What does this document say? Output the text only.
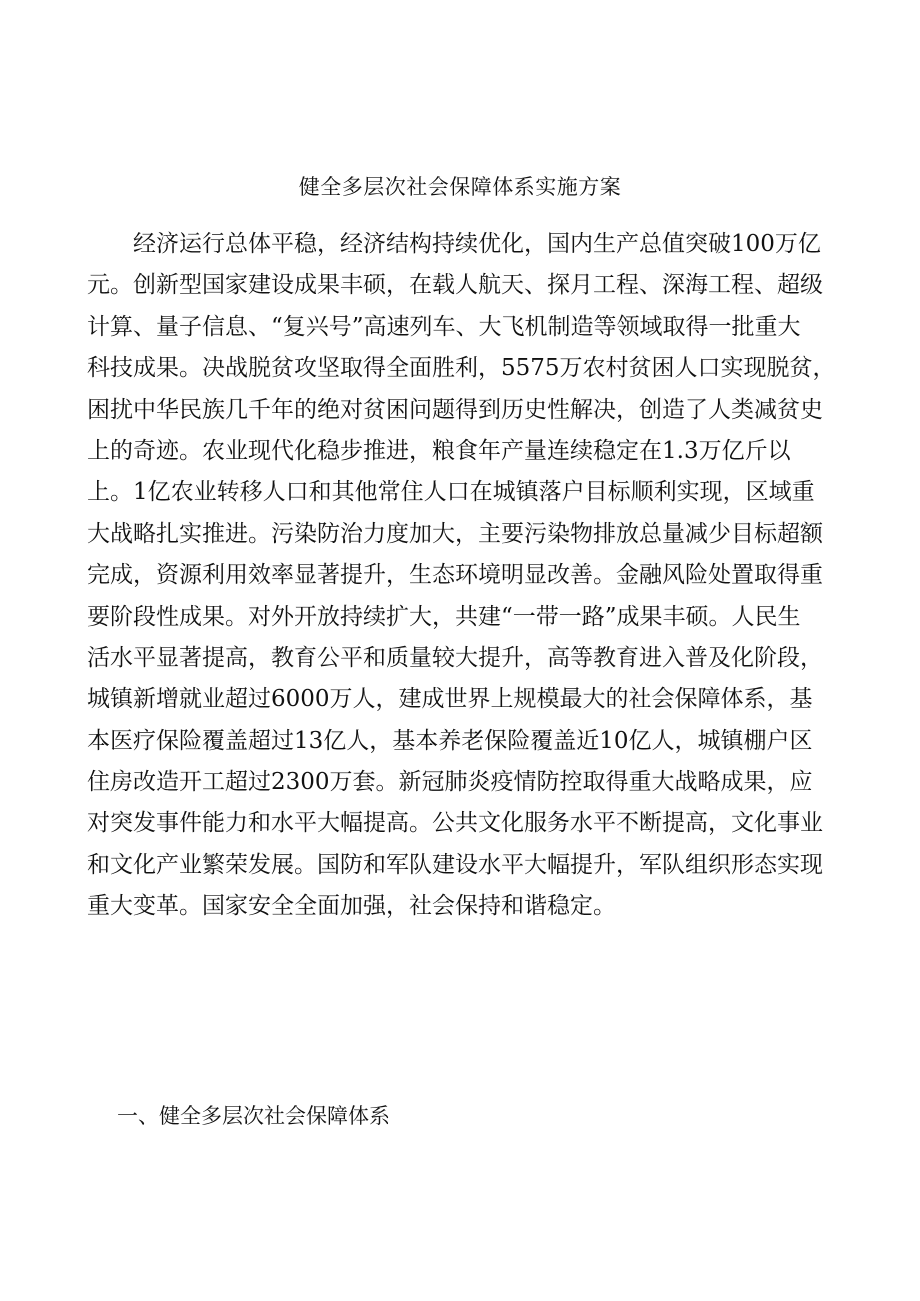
健全多层次社会保障体系实施方案
经济运行总体平稳，经济结构持续优化，国内生产总值突破100万亿
元。创新型国家建设成果丰硕，在载人航天、探月工程、深海工程、超级
计算、量子信息、“复兴号”高速列车、大飞机制造等领域取得一批重大
科技成果。决战脱贫攻坚取得全面胜利，5575万农村贫困人口实现脱贫，
困扰中华民族几千年的绝对贫困问题得到历史性解决，创造了人类减贫史
上的奇迹。农业现代化稳步推进，粮食年产量连续稳定在1.3万亿斤以
上。1亿农业转移人口和其他常住人口在城镇落户目标顺利实现，区域重
大战略扎实推进。污染防治力度加大，主要污染物排放总量减少目标超额
完成，资源利用效率显著提升，生态环境明显改善。金融风险处置取得重
要阶段性成果。对外开放持续扩大，共建“一带一路”成果丰硕。人民生
活水平显著提高，教育公平和质量较大提升，高等教育进入普及化阶段，
城镇新增就业超过6000万人，建成世界上规模最大的社会保障体系，基
本医疗保险覆盖超过13亿人，基本养老保险覆盖近10亿人，城镇棚户区
住房改造开工超过2300万套。新冠肺炎疫情防控取得重大战略成果，应
对突发事件能力和水平大幅提高。公共文化服务水平不断提高，文化事业
和文化产业繁荣发展。国防和军队建设水平大幅提升，军队组织形态实现
重大变革。国家安全全面加强，社会保持和谐稳定。
一、健全多层次社会保障体系
